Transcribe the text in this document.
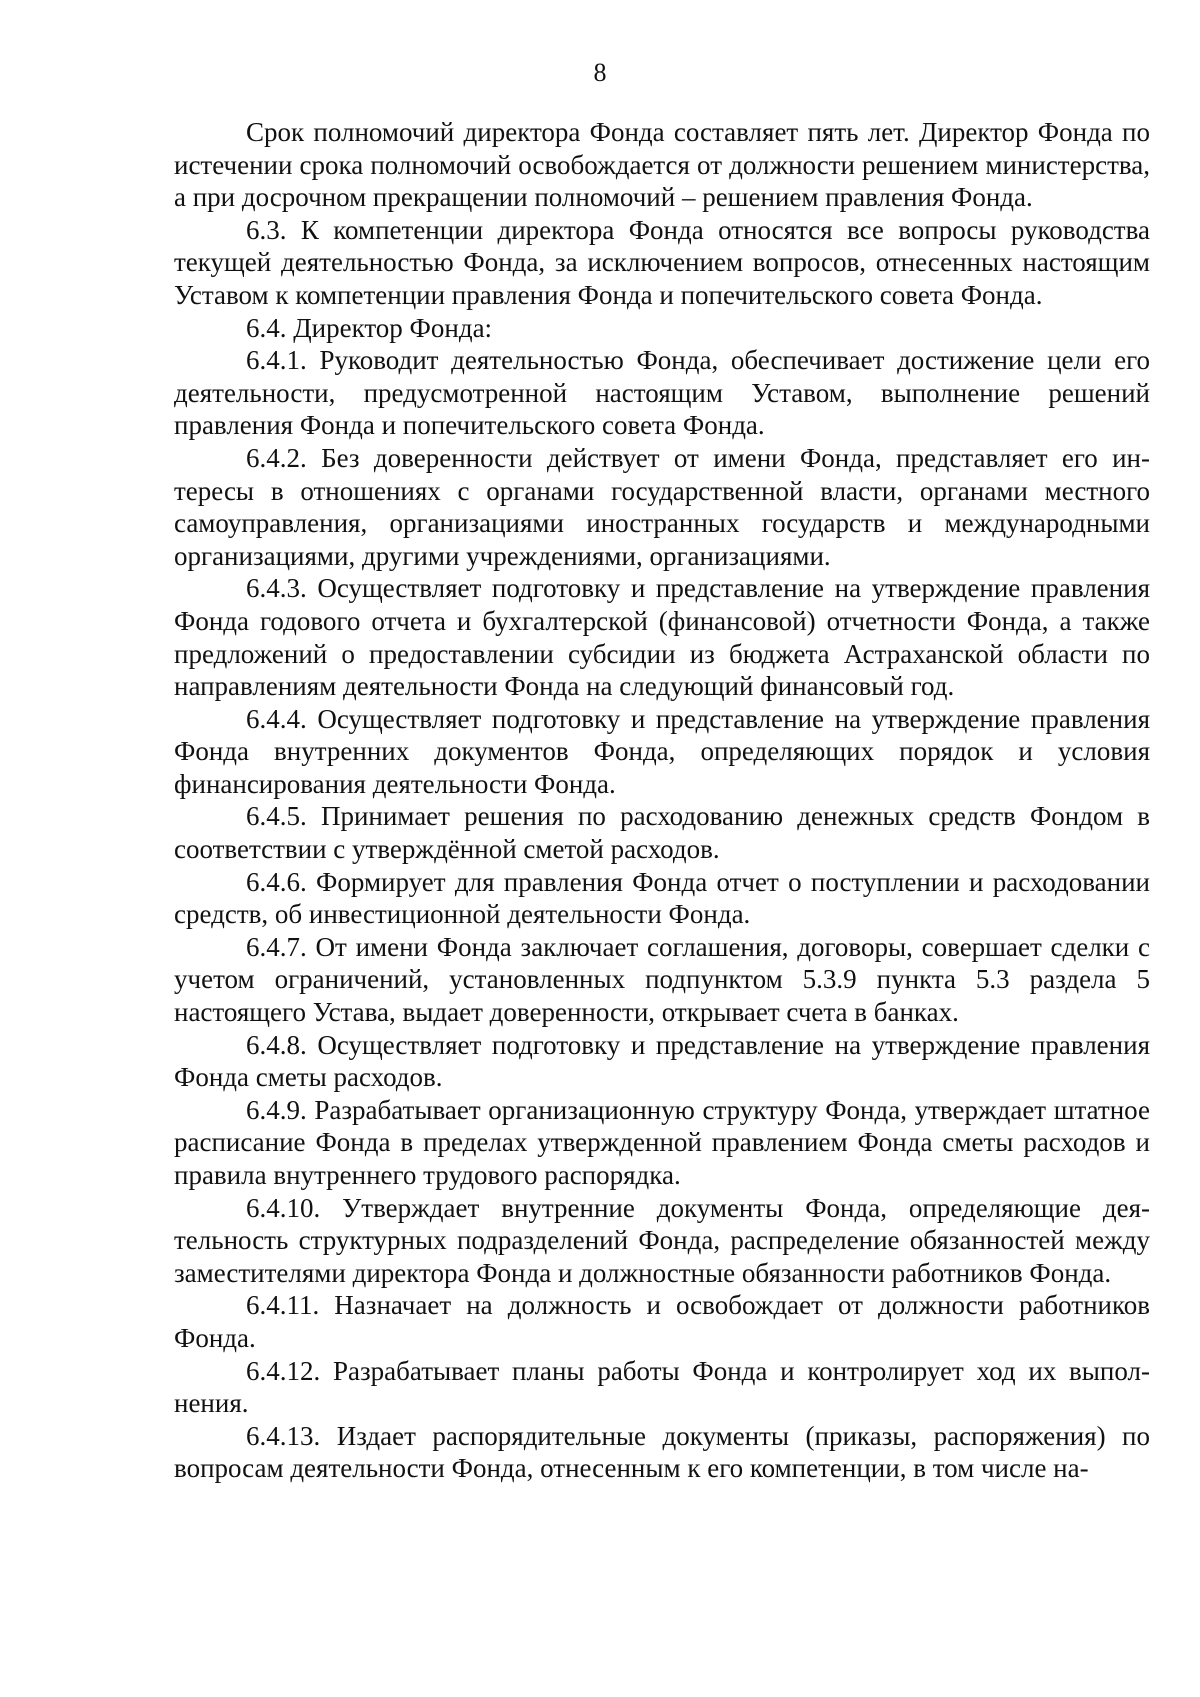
8

Срок полномочий директора Фонда составляет пять лет. Директор Фонда по истечении срока полномочий освобождается от должности решением министерства, а при досрочном прекращении полномочий – решением правления Фонда.

6.3. К компетенции директора Фонда относятся все вопросы руководства текущей деятельностью Фонда, за исключением вопросов, отнесенных настоящим Уставом к компетенции правления Фонда и попечительского совета Фонда.

6.4. Директор Фонда:

6.4.1. Руководит деятельностью Фонда, обеспечивает достижение цели его деятельности, предусмотренной настоящим Уставом, выполнение решений правления Фонда и попечительского совета Фонда.

6.4.2. Без доверенности действует от имени Фонда, представляет его интересы в отношениях с органами государственной власти, органами местного самоуправления, организациями иностранных государств и международными организациями, другими учреждениями, организациями.

6.4.3. Осуществляет подготовку и представление на утверждение правления Фонда годового отчета и бухгалтерской (финансовой) отчетности Фонда, а также предложений о предоставлении субсидии из бюджета Астраханской области по направлениям деятельности Фонда на следующий финансовый год.

6.4.4. Осуществляет подготовку и представление на утверждение правления Фонда внутренних документов Фонда, определяющих порядок и условия финансирования деятельности Фонда.

6.4.5. Принимает решения по расходованию денежных средств Фондом в соответствии с утверждённой сметой расходов.

6.4.6. Формирует для правления Фонда отчет о поступлении и расходовании средств, об инвестиционной деятельности Фонда.

6.4.7. От имени Фонда заключает соглашения, договоры, совершает сделки с учетом ограничений, установленных подпунктом 5.3.9 пункта 5.3 раздела 5 настоящего Устава, выдает доверенности, открывает счета в банках.

6.4.8. Осуществляет подготовку и представление на утверждение правления Фонда сметы расходов.

6.4.9. Разрабатывает организационную структуру Фонда, утверждает штатное расписание Фонда в пределах утвержденной правлением Фонда сметы расходов и правила внутреннего трудового распорядка.

6.4.10. Утверждает внутренние документы Фонда, определяющие деятельность структурных подразделений Фонда, распределение обязанностей между заместителями директора Фонда и должностные обязанности работников Фонда.

6.4.11. Назначает на должность и освобождает от должности работников Фонда.

6.4.12. Разрабатывает планы работы Фонда и контролирует ход их выполнения.

6.4.13. Издает распорядительные документы (приказы, распоряжения) по вопросам деятельности Фонда, отнесенным к его компетенции, в том числе на-
